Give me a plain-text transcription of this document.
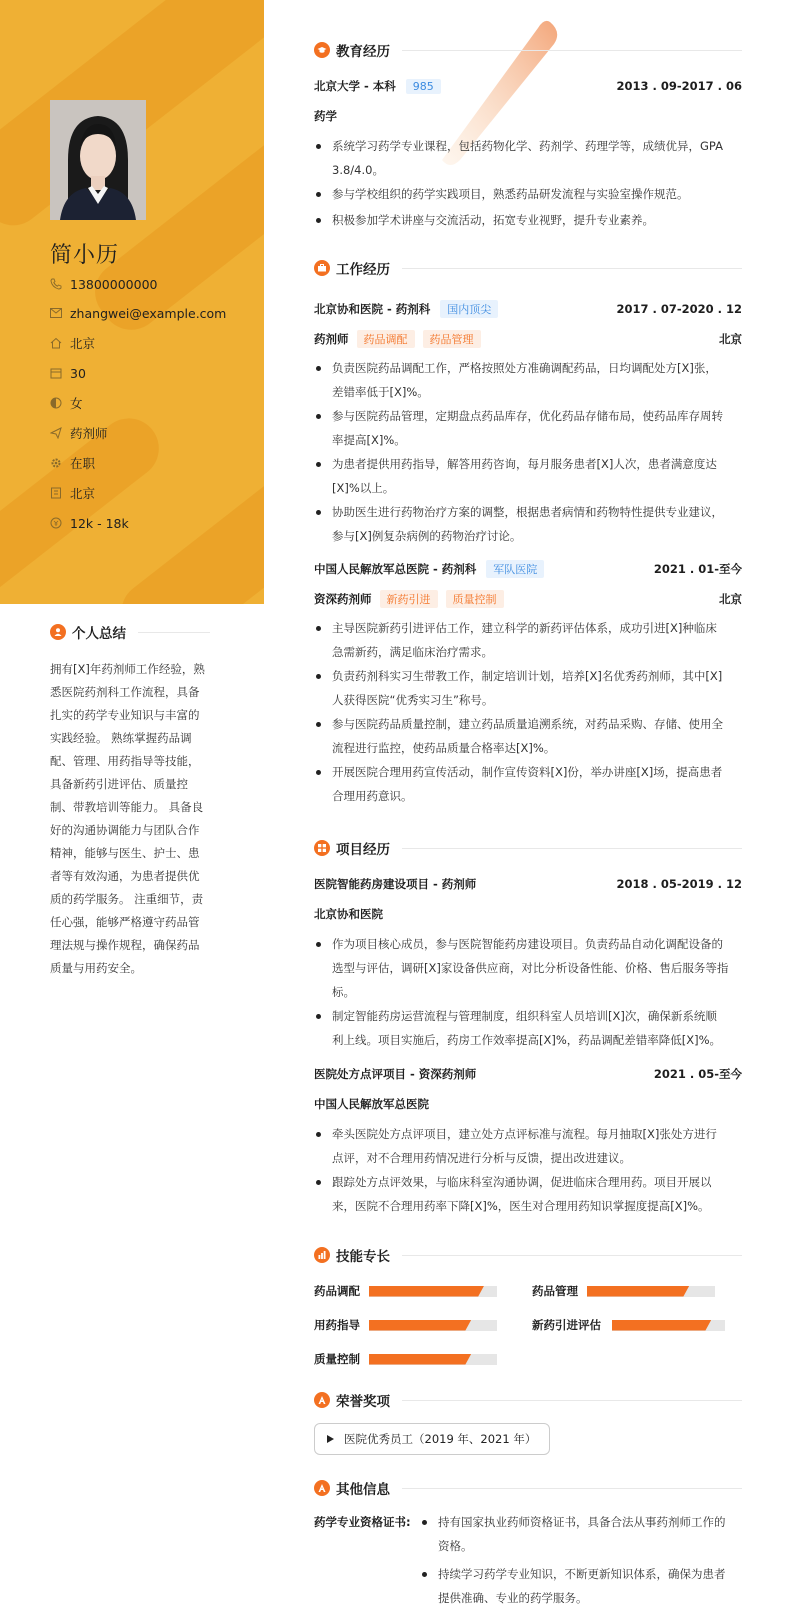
简小历
13800000000
zhangwei@example.com
北京
30
女
药剂师
在职
北京
12k - 18k
个人总结
拥有[X]年药剂师工作经验，熟
悉医院药剂科工作流程，具备
扎实的药学专业知识与丰富的
实践经验。 熟练掌握药品调
配、管理、用药指导等技能，
具备新药引进评估、质量控
制、带教培训等能力。 具备良
好的沟通协调能力与团队合作
精神，能够与医生、护士、患
者等有效沟通，为患者提供优
质的药学服务。 注重细节，责
任心强，能够严格遵守药品管
理法规与操作规程，确保药品
质量与用药安全。
教育经历
北京大学 - 本科	985	2013 . 09-2017 . 06
药学
系统学习药学专业课程，包括药物化学、药剂学、药理学等，成绩优异，GPA
3.8/4.0。
参与学校组织的药学实践项目，熟悉药品研发流程与实验室操作规范。
积极参加学术讲座与交流活动，拓宽专业视野，提升专业素养。
工作经历
北京协和医院 - 药剂科	国内顶尖	2017 . 07-2020 . 12
药剂师	药品调配	药品管理	北京
负责医院药品调配工作，严格按照处方准确调配药品，日均调配处方[X]张，
差错率低于[X]%。
参与医院药品管理，定期盘点药品库存，优化药品存储布局，使药品库存周转
率提高[X]%。
为患者提供用药指导，解答用药咨询，每月服务患者[X]人次，患者满意度达
[X]%以上。
协助医生进行药物治疗方案的调整，根据患者病情和药物特性提供专业建议，
参与[X]例复杂病例的药物治疗讨论。
中国人民解放军总医院 - 药剂科	军队医院	2021 . 01-至今
资深药剂师	新药引进	质量控制	北京
主导医院新药引进评估工作，建立科学的新药评估体系，成功引进[X]种临床
急需新药，满足临床治疗需求。
负责药剂科实习生带教工作，制定培训计划，培养[X]名优秀药剂师，其中[X]
人获得医院“优秀实习生”称号。
参与医院药品质量控制，建立药品质量追溯系统，对药品采购、存储、使用全
流程进行监控，使药品质量合格率达[X]%。
开展医院合理用药宣传活动，制作宣传资料[X]份，举办讲座[X]场，提高患者
合理用药意识。
项目经历
医院智能药房建设项目 - 药剂师	2018 . 05-2019 . 12
北京协和医院
作为项目核心成员，参与医院智能药房建设项目。负责药品自动化调配设备的
选型与评估，调研[X]家设备供应商，对比分析设备性能、价格、售后服务等指
标。
制定智能药房运营流程与管理制度，组织科室人员培训[X]次，确保新系统顺
利上线。项目实施后，药房工作效率提高[X]%，药品调配差错率降低[X]%。
医院处方点评项目 - 资深药剂师	2021 . 05-至今
中国人民解放军总医院
牵头医院处方点评项目，建立处方点评标准与流程。每月抽取[X]张处方进行
点评，对不合理用药情况进行分析与反馈，提出改进建议。
跟踪处方点评效果，与临床科室沟通协调，促进临床合理用药。项目开展以
来，医院不合理用药率下降[X]%，医生对合理用药知识掌握度提高[X]%。
技能专长
药品调配	药品管理
用药指导	新药引进评估
质量控制
荣誉奖项
医院优秀员工（2019 年、2021 年）
其他信息
药学专业资格证书: 持有国家执业药师资格证书，具备合法从事药剂师工作的
资格。
持续学习药学专业知识，不断更新知识体系，确保为患者
提供准确、专业的药学服务。
